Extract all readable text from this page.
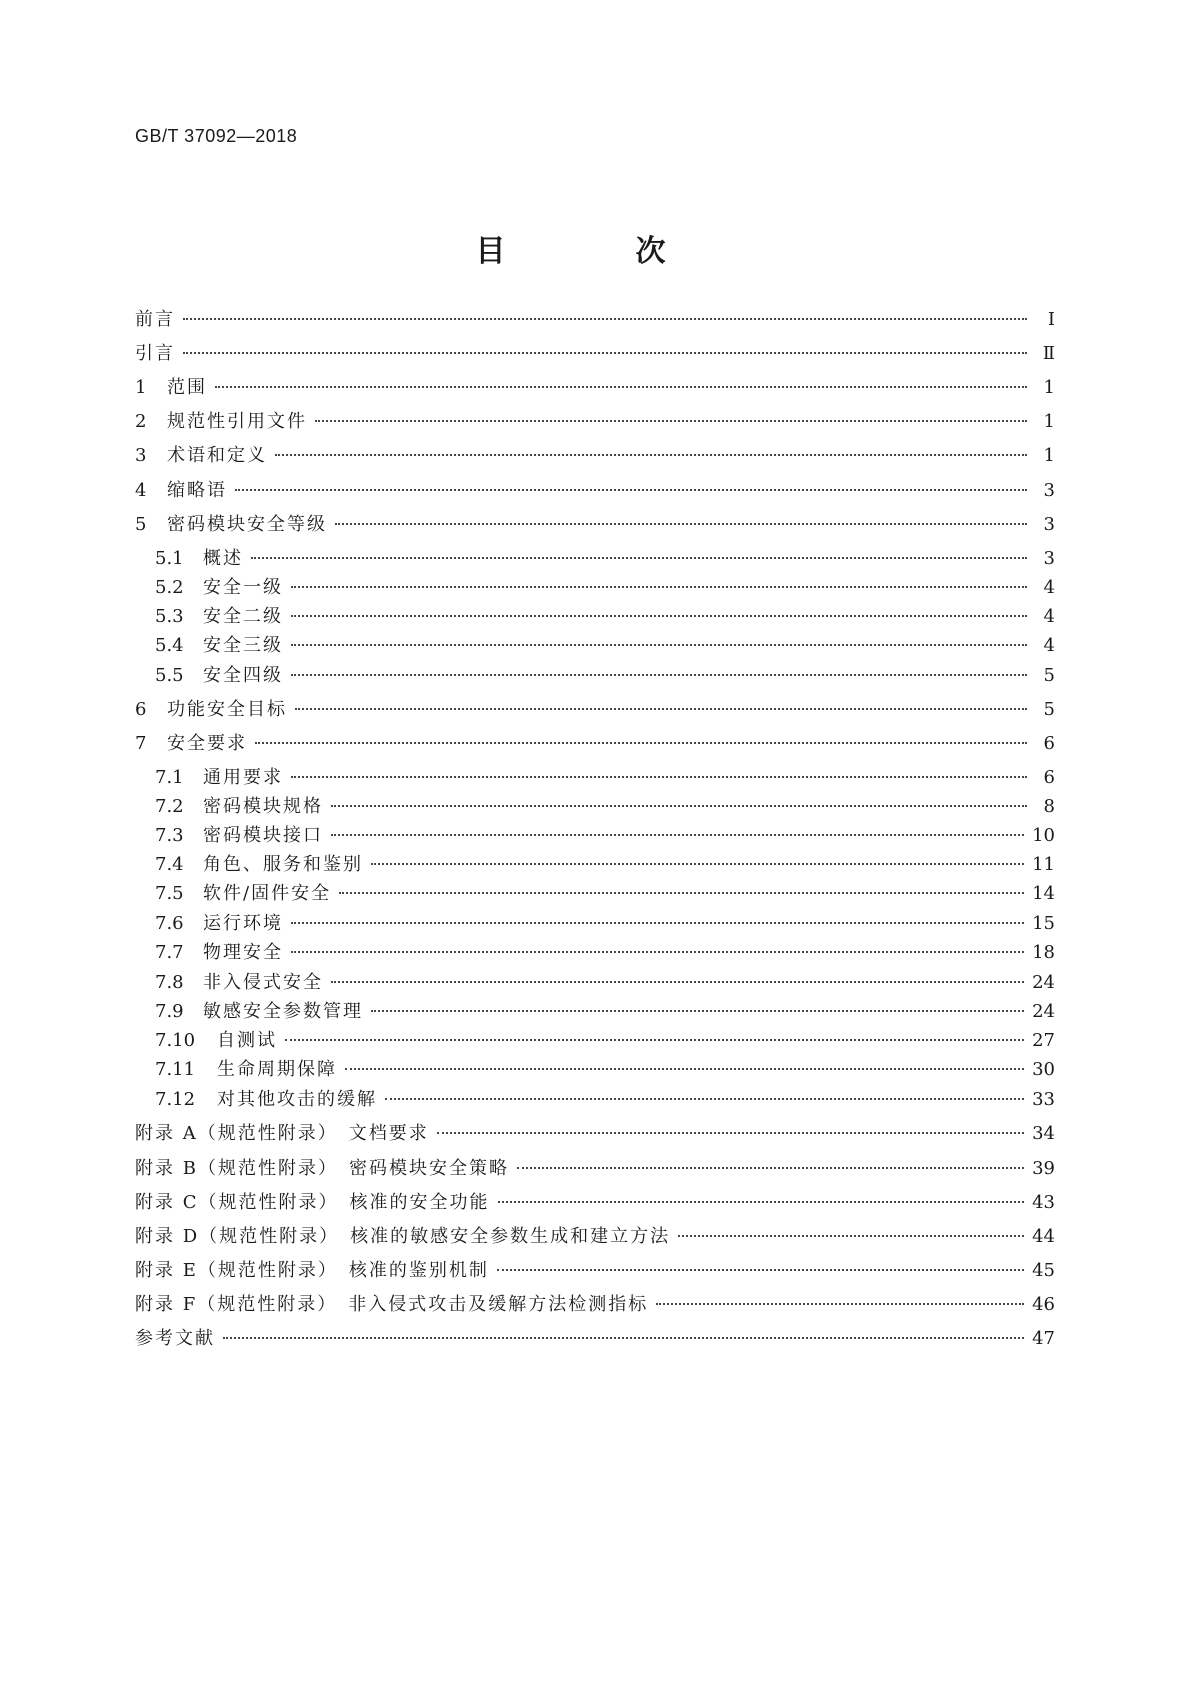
GB/T 37092—2018
目　次
前言	Ⅰ
引言	Ⅱ
1	范围	1
2	规范性引用文件	1
3	术语和定义	1
4	缩略语	3
5	密码模块安全等级	3
5.1	概述	3
5.2	安全一级	4
5.3	安全二级	4
5.4	安全三级	4
5.5	安全四级	5
6	功能安全目标	5
7	安全要求	6
7.1	通用要求	6
7.2	密码模块规格	8
7.3	密码模块接口	10
7.4	角色、服务和鉴别	11
7.5	软件/固件安全	14
7.6	运行环境	15
7.7	物理安全	18
7.8	非入侵式安全	24
7.9	敏感安全参数管理	24
7.10	自测试	27
7.11	生命周期保障	30
7.12	对其他攻击的缓解	33
附录 A（规范性附录）　文档要求	34
附录 B（规范性附录）　密码模块安全策略	39
附录 C（规范性附录）　核准的安全功能	43
附录 D（规范性附录）　核准的敏感安全参数生成和建立方法	44
附录 E（规范性附录）　核准的鉴别机制	45
附录 F（规范性附录）　非入侵式攻击及缓解方法检测指标	46
参考文献	47
